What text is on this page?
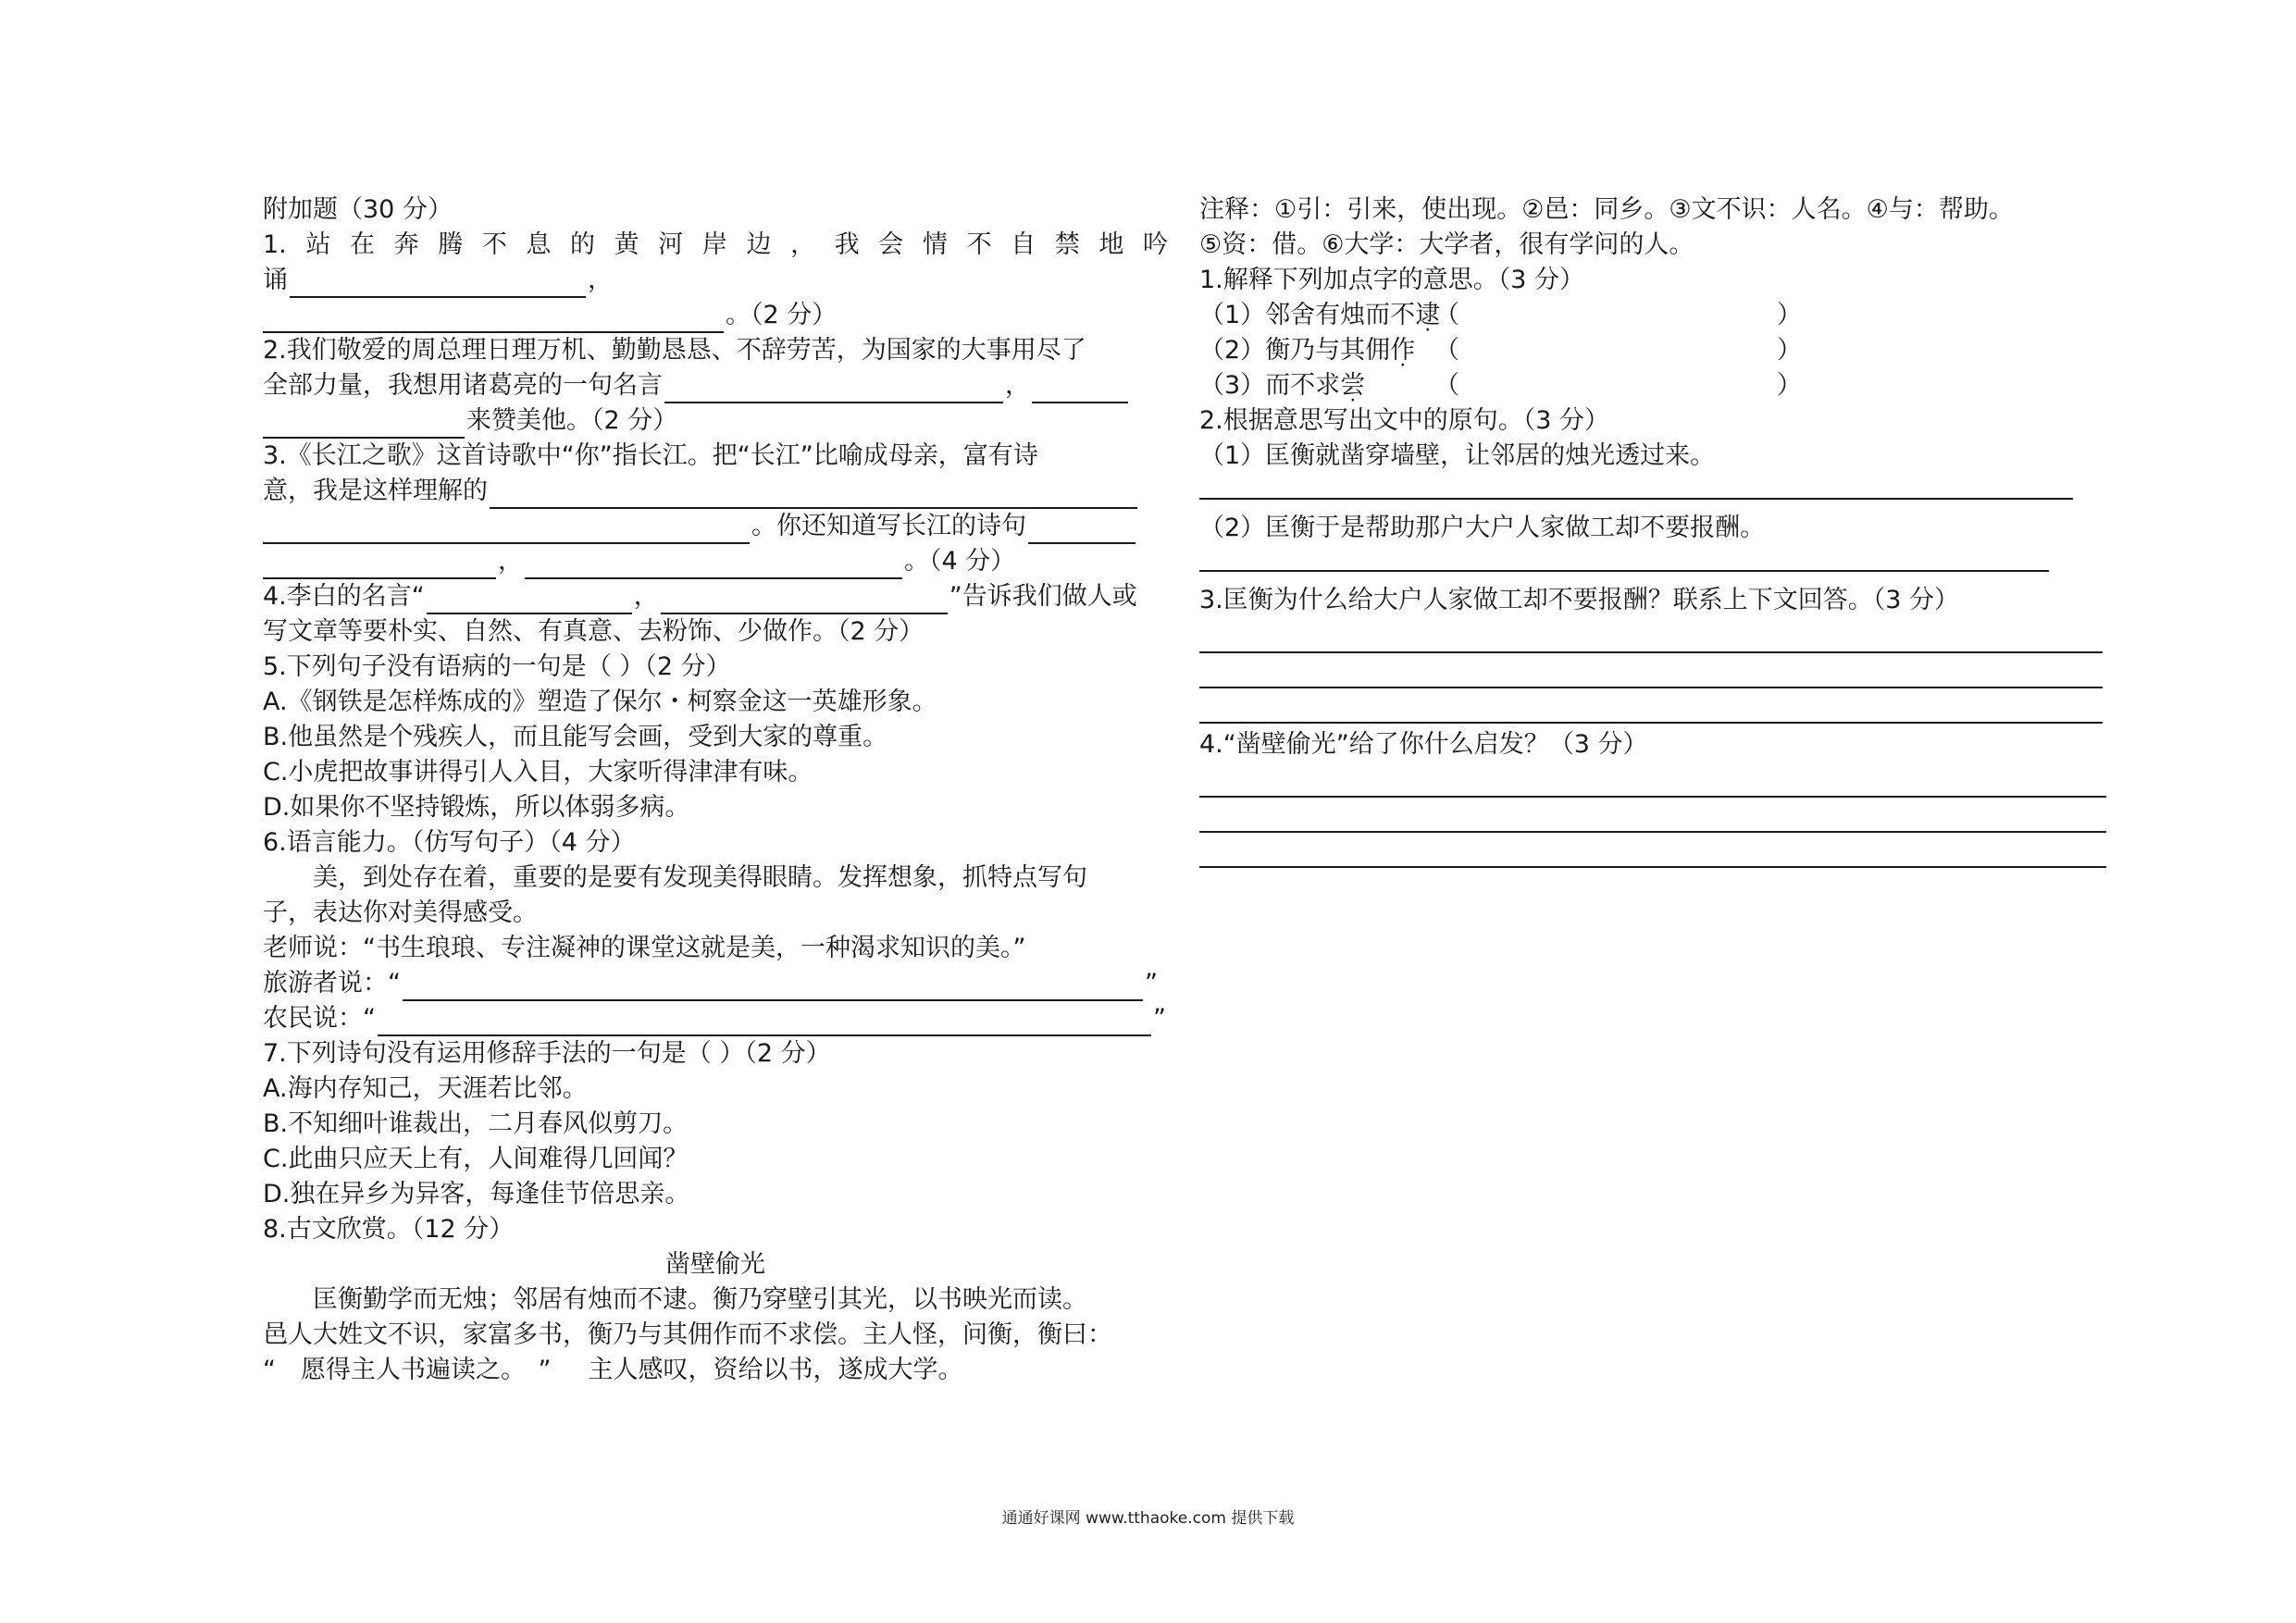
附加题（30 分）
1. 站 在 奔 腾 不 息 的 黄 河 岸 边 ， 我 会 情 不 自 禁 地 吟
诵	，
。（2 分）
2.我们敬爱的周总理日理万机、勤勤恳恳、不辞劳苦，为国家的大事用尽了
全部力量，我想用诸葛亮的一句名言	，
来赞美他。（2 分）
3.《长江之歌》这首诗歌中“你”指长江。把“长江”比喻成母亲，富有诗
意，我是这样理解的
。你还知道写长江的诗句
，	。（4 分）
4.李白的名言“	，	”告诉我们做人或
写文章等要朴实、自然、有真意、去粉饰、少做作。（2 分）
5.下列句子没有语病的一句是（ ）（2 分）
A.《钢铁是怎样炼成的》塑造了保尔・柯察金这一英雄形象。
B.他虽然是个残疾人，而且能写会画，受到大家的尊重。
C.小虎把故事讲得引人入目，大家听得津津有味。
D.如果你不坚持锻炼，所以体弱多病。
6.语言能力。（仿写句子）（4 分）
美，到处存在着，重要的是要有发现美得眼睛。发挥想象，抓特点写句
子，表达你对美得感受。
老师说：“书生琅琅、专注凝神的课堂这就是美，一种渴求知识的美。”
旅游者说：“	”
农民说：“	”
7.下列诗句没有运用修辞手法的一句是（ ）（2 分）
A.海内存知己，天涯若比邻。
B.不知细叶谁裁出，二月春风似剪刀。
C.此曲只应天上有，人间难得几回闻？
D.独在异乡为异客，每逢佳节倍思亲。
8.古文欣赏。（12 分）
凿壁偷光
匡衡勤学而无烛；邻居有烛而不逮。衡乃穿壁引其光，以书映光而读。
邑人大姓文不识，家富多书，衡乃与其佣作而不求偿。主人怪，问衡，衡曰：
“　愿得主人书遍读之。　” 主人感叹，资给以书，遂成大学。
注释：①引：引来，使出现。②邑：同乡。③文不识：人名。④与：帮助。
⑤资：借。⑥大学：大学者，很有学问的人。
1.解释下列加点字的意思。（3 分）
（1）邻舍有烛而不逮
（	）
（2）衡乃与其佣作 （	）
（3）而不求尝	（	）
2.根据意思写出文中的原句。（3 分）
（1）匡衡就凿穿墙壁，让邻居的烛光透过来。
（2）匡衡于是帮助那户大户人家做工却不要报酬。
3.匡衡为什么给大户人家做工却不要报酬？联系上下文回答。（3 分）
4.“凿壁偷光”给了你什么启发？（3 分）
通通好课网 www.tthaoke.com 提供下载
